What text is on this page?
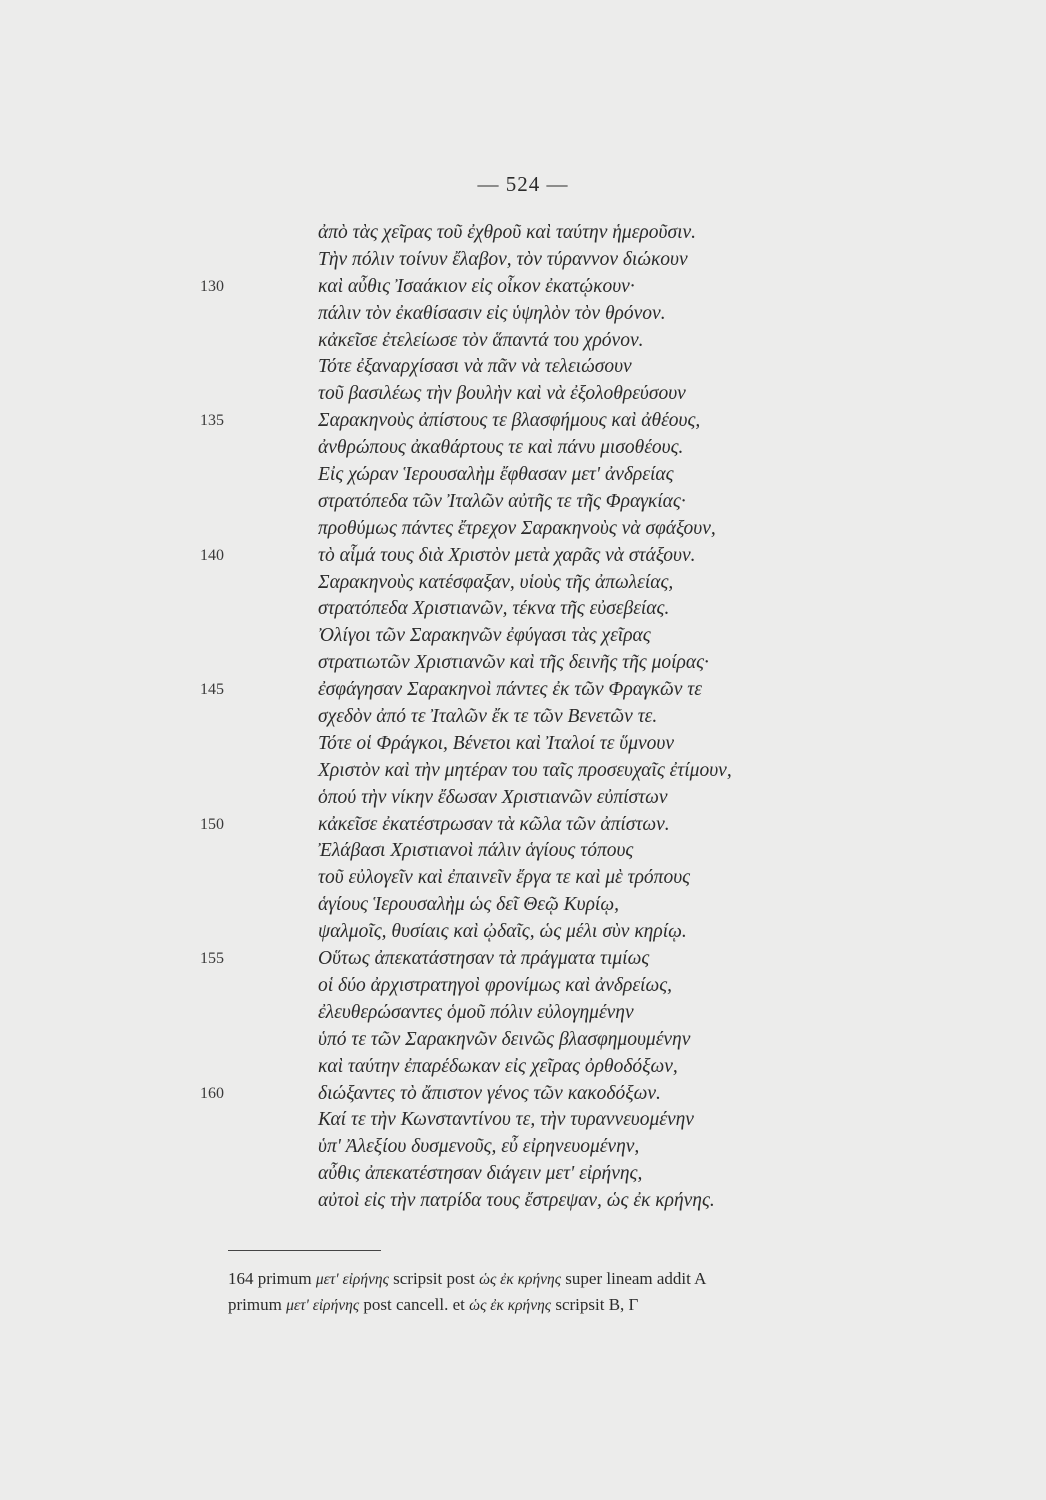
— 524 —
ἀπὸ τὰς χεῖρας τοῦ ἐχθροῦ καὶ ταύτην ἡμεροῦσιν.
Τὴν πόλιν τοίνυν ἔλαβον, τὸν τύραννον διώκουν
καὶ αὖθις Ἰσαάκιον εἰς οἶκον ἐκατῴκουν·
130
πάλιν τὸν ἐκαθίσασιν εἰς ὑψηλὸν τὸν θρόνον.
κἀκεῖσε ἐτελείωσε τὸν ἅπαντά του χρόνον.
Τότε ἐξαναρχίσασι νὰ πᾶν νὰ τελειώσουν
τοῦ βασιλέως τὴν βουλὴν καὶ νὰ ἐξολοθρεύσουν
Σαρακηνοὺς ἀπίστους τε βλασφήμους καὶ ἀθέους,
135
ἀνθρώπους ἀκαθάρτους τε καὶ πάνυ μισοθέους.
Εἰς χώραν Ἱερουσαλὴμ ἔφθασαν μετ' ἀνδρείας
στρατόπεδα τῶν Ἰταλῶν αὐτῆς τε τῆς Φραγκίας·
προθύμως πάντες ἔτρεχον Σαρακηνοὺς νὰ σφάξουν,
τὸ αἷμά τους διὰ Χριστὸν μετὰ χαρᾶς νὰ στάξουν.
140
Σαρακηνοὺς κατέσφαξαν, υἱοὺς τῆς ἀπωλείας,
στρατόπεδα Χριστιανῶν, τέκνα τῆς εὐσεβείας.
Ὀλίγοι τῶν Σαρακηνῶν ἐφύγασι τὰς χεῖρας
στρατιωτῶν Χριστιανῶν καὶ τῆς δεινῆς τῆς μοίρας·
ἐσφάγησαν Σαρακηνοὶ πάντες ἐκ τῶν Φραγκῶν τε
145
σχεδὸν ἀπό τε Ἰταλῶν ἔκ τε τῶν Βενετῶν τε.
Τότε οἱ Φράγκοι, Βένετοι καὶ Ἰταλοί τε ὕμνουν
Χριστὸν καὶ τὴν μητέραν του ταῖς προσευχαῖς ἐτίμουν,
ὁπού τὴν νίκην ἔδωσαν Χριστιανῶν εὐπίστων
κἀκεῖσε ἐκατέστρωσαν τὰ κῶλα τῶν ἀπίστων.
150
Ἐλάβασι Χριστιανοὶ πάλιν ἁγίους τόπους
τοῦ εὐλογεῖν καὶ ἐπαινεῖν ἔργα τε καὶ μὲ τρόπους
ἁγίους Ἱερουσαλὴμ ὡς δεῖ Θεῷ Κυρίῳ,
ψαλμοῖς, θυσίαις καὶ ᾠδαῖς, ὡς μέλι σὺν κηρίῳ.
Οὕτως ἀπεκατάστησαν τὰ πράγματα τιμίως
155
οἱ δύο ἀρχιστρατηγοὶ φρονίμως καὶ ἀνδρείως,
ἐλευθερώσαντες ὁμοῦ πόλιν εὐλογημένην
ὑπό τε τῶν Σαρακηνῶν δεινῶς βλασφημουμένην
καὶ ταύτην ἐπαρέδωκαν εἰς χεῖρας ὀρθοδόξων,
διώξαντες τὸ ἄπιστον γένος τῶν κακοδόξων.
160
Καί τε τὴν Κωνσταντίνου τε, τὴν τυραννευομένην
ὑπ' Ἀλεξίου δυσμενοῦς, εὖ εἰρηνευομένην,
αὖθις ἀπεκατέστησαν διάγειν μετ' εἰρήνης,
αὐτοὶ εἰς τὴν πατρίδα τους ἔστρεψαν, ὡς ἐκ κρήνης.
164 primum μετ' εἰρήνης scripsit post ὡς ἐκ κρήνης super lineam addit A
primum μετ' εἰρήνης post cancell. et ὡς ἐκ κρήνης scripsit B, Γ
